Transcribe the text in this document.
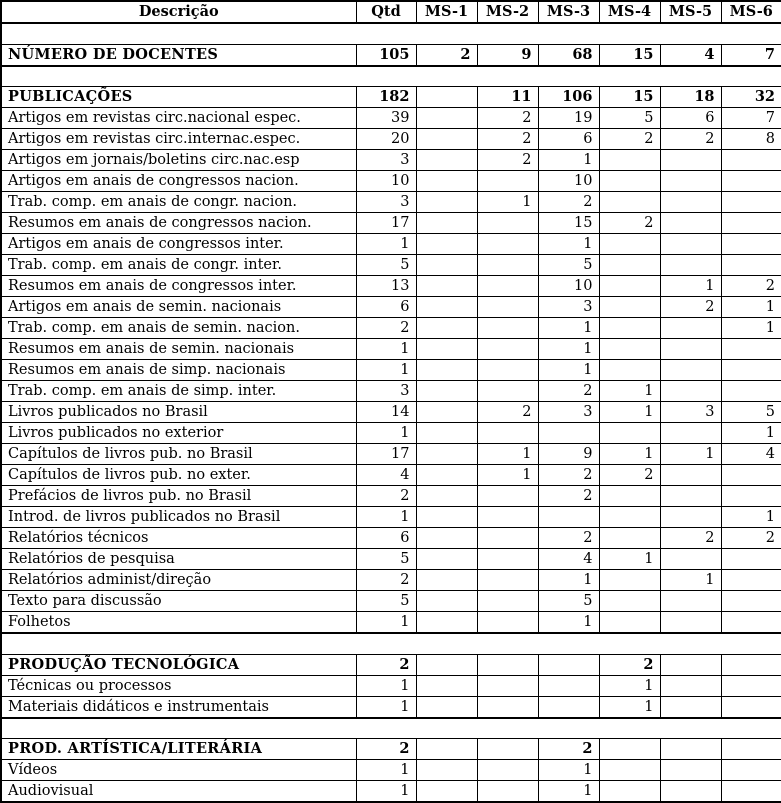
Descrição	Qtd	MS-1	MS-2	MS-3	MS-4	MS-5	MS-6

NÚMERO DE DOCENTES	105	2	9	68	15	4	7

PUBLICAÇÕES	182		11	106	15	18	32
Artigos em revistas circ.nacional espec.	39		2	19	5	6	7
Artigos em revistas circ.internac.espec.	20		2	6	2	2	8
Artigos em jornais/boletins circ.nac.esp	3		2	1			
Artigos em anais de congressos nacion.	10			10			
Trab. comp. em anais de congr. nacion.	3		1	2			
Resumos em anais de congressos nacion.	17			15	2		
Artigos em anais de congressos inter.	1			1			
Trab. comp. em anais de congr. inter.	5			5			
Resumos em anais de congressos inter.	13			10		1	2
Artigos em anais de semin. nacionais	6			3		2	1
Trab. comp. em anais de semin. nacion.	2			1			1
Resumos em anais de semin. nacionais	1			1			
Resumos em anais de simp. nacionais	1			1			
Trab. comp. em anais de simp. inter.	3			2	1		
Livros publicados no Brasil	14		2	3	1	3	5
Livros publicados no exterior	1						1
Capítulos de livros pub. no Brasil	17		1	9	1	1	4
Capítulos de livros pub. no exter.	4		1	2	2		
Prefácios de livros pub. no Brasil	2			2			
Introd. de livros publicados no Brasil	1						1
Relatórios técnicos	6			2		2	2
Relatórios de pesquisa	5			4	1		
Relatórios administ/direção	2			1		1	
Texto para discussão	5			5			
Folhetos	1			1			

PRODUÇÃO TECNOLÓGICA	2				2		
Técnicas ou processos	1				1		
Materiais didáticos e instrumentais	1				1		

PROD. ARTÍSTICA/LITERÁRIA	2			2			
Vídeos	1			1			
Audiovisual	1			1			
